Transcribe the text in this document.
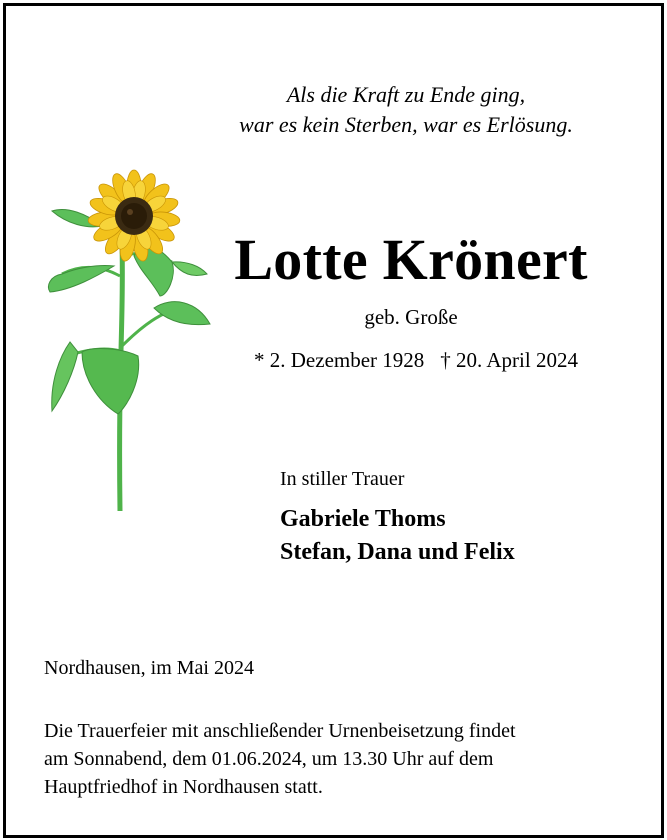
Als die Kraft zu Ende ging,
war es kein Sterben, war es Erlösung.
Lotte Krönert
geb. Große
* 2. Dezember 1928 † 20. April 2024
In stiller Trauer
Gabriele Thoms
Stefan, Dana und Felix
Nordhausen, im Mai 2024
Die Trauerfeier mit anschließender Urnenbeisetzung findet
am Sonnabend, dem 01.06.2024, um 13.30 Uhr auf dem
Hauptfriedhof in Nordhausen statt.
